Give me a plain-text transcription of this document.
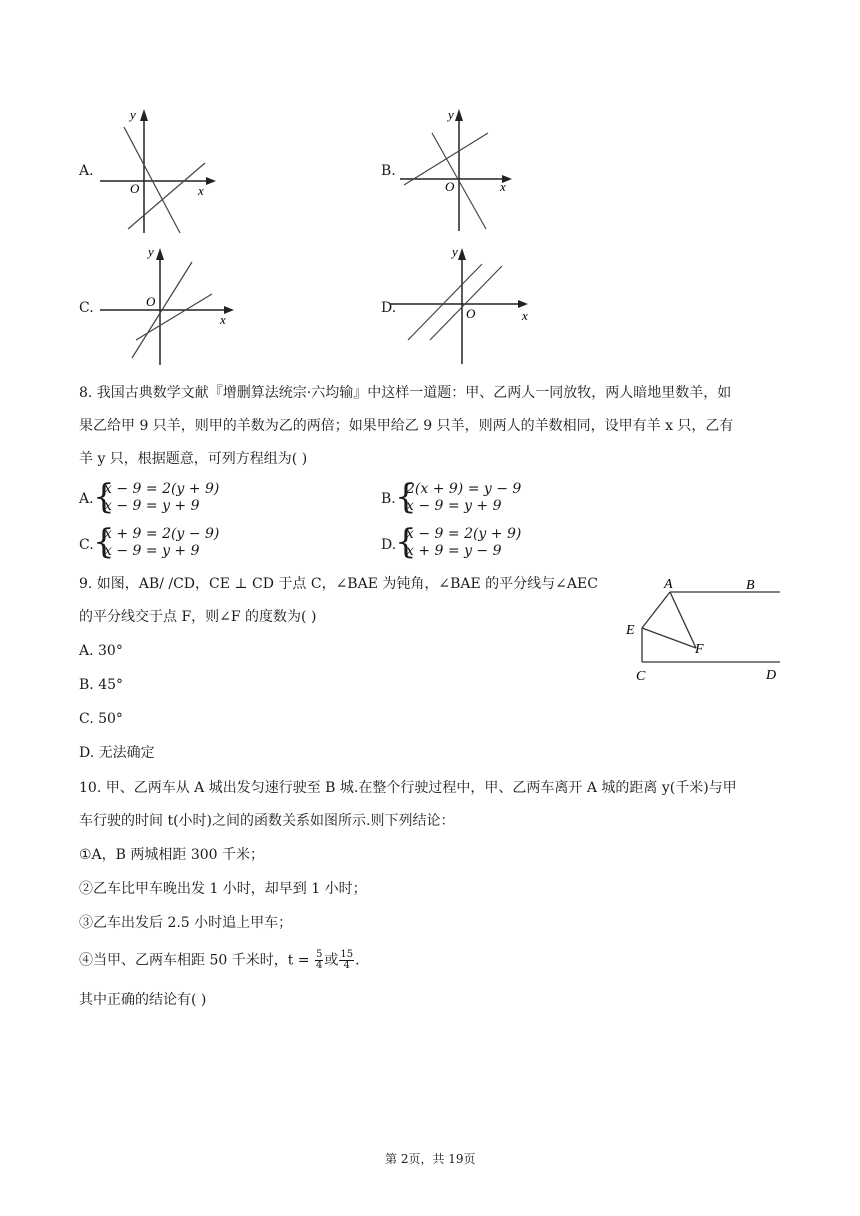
A.
y
x
O
B.
y
x
O
C.
y
x
O	D.
y
x
O
8. 我国古典数学文献『增删算法统宗·六均输』中这样一道题：甲、乙两人一同放牧，两人暗地里数羊，如
果乙给甲 9 只羊，则甲的羊数为乙的两倍；如果甲给乙 9 只羊，则两人的羊数相同，设甲有羊 x 只，乙有
羊 y 只，根据题意，可列方程组为( )
A. {
x − 9 = 2(y + 9)
x − 9 = y + 9	B. {
2(x + 9) = y − 9
x − 9 = y + 9
C. {
x + 9 = 2(y − 9)
x − 9 = y + 9	D.
{
x − 9 = 2(y + 9)
x + 9 = y − 9
9. 如图，AB/ /CD，CE ⊥ CD 于点 C，∠BAE 为钝角，∠BAE 的平分线与∠AEC
的平分线交于点 F，则∠F 的度数为( )
A. 30°
B. 45°
C. 50°
D. 无法确定
A	B
E
F
C	D
10. 甲、乙两车从 A 城出发匀速行驶至 B 城.在整个行驶过程中，甲、乙两车离开 A 城的距离 y(千米)与甲
车行驶的时间 t(小时)之间的函数关系如图所示.则下列结论：
①A，B 两城相距 300 千米；
②乙车比甲车晚出发 1 小时，却早到 1 小时；
③乙车出发后 2.5 小时追上甲车；
④当甲、乙两车相距 50 千米时，$t = \frac{5}{4}$ 或 $\frac{15}{4}$ .
其中正确的结论有( )
第 2页，共 19页
